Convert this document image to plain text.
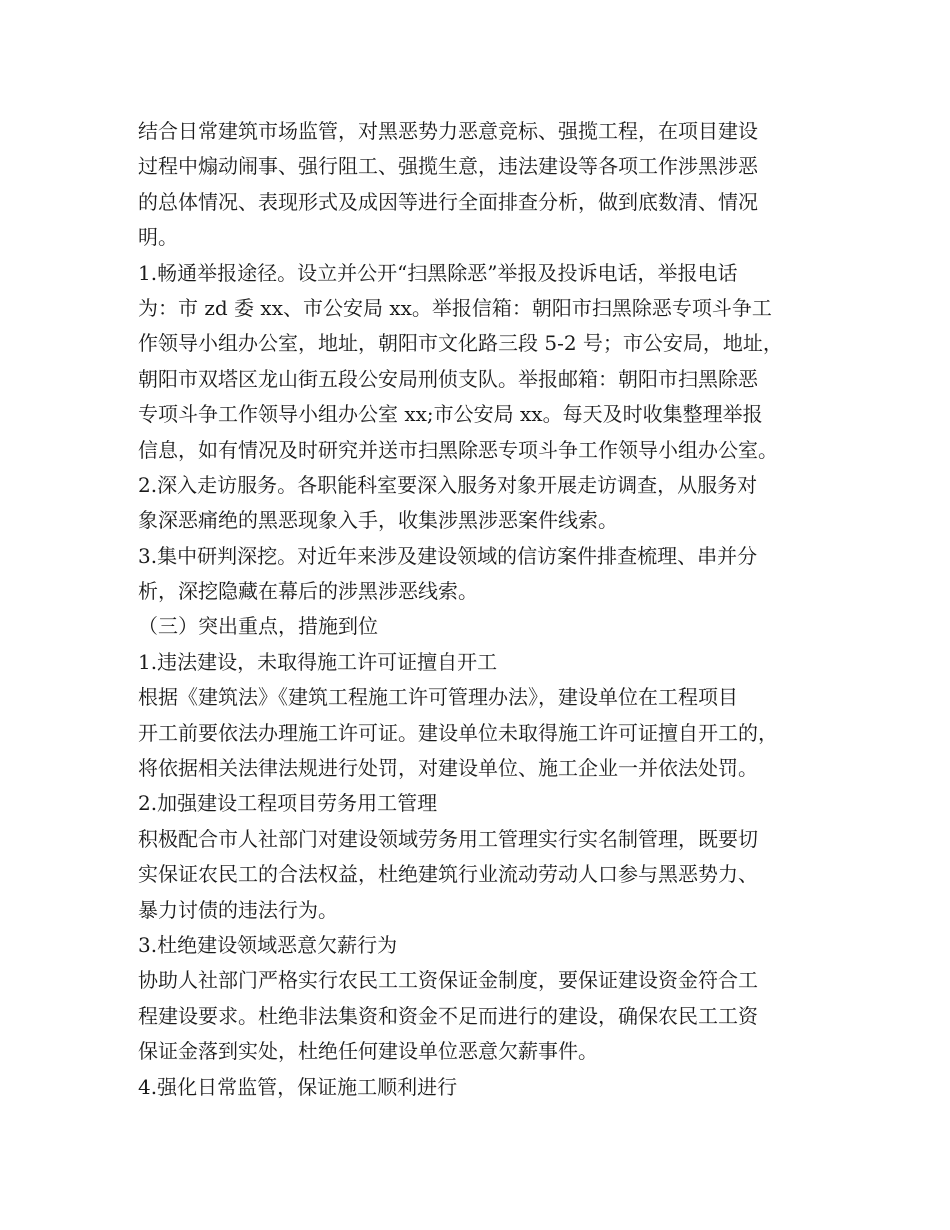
结合日常建筑市场监管，对黑恶势力恶意竞标、强揽工程，在项目建设
过程中煽动闹事、强行阻工、强揽生意，违法建设等各项工作涉黑涉恶
的总体情况、表现形式及成因等进行全面排查分析，做到底数清、情况
明。
1.畅通举报途径。设立并公开“扫黑除恶”举报及投诉电话，举报电话
为：市 zd 委 xx、市公安局 xx。举报信箱：朝阳市扫黑除恶专项斗争工
作领导小组办公室，地址，朝阳市文化路三段 5-2 号；市公安局，地址，
朝阳市双塔区龙山街五段公安局刑侦支队。举报邮箱：朝阳市扫黑除恶
专项斗争工作领导小组办公室 xx;市公安局 xx。每天及时收集整理举报
信息，如有情况及时研究并送市扫黑除恶专项斗争工作领导小组办公室。
2.深入走访服务。各职能科室要深入服务对象开展走访调查，从服务对
象深恶痛绝的黑恶现象入手，收集涉黑涉恶案件线索。
3.集中研判深挖。对近年来涉及建设领域的信访案件排查梳理、串并分
析，深挖隐藏在幕后的涉黑涉恶线索。
（三）突出重点，措施到位
1.违法建设，未取得施工许可证擅自开工
根据《建筑法》《建筑工程施工许可管理办法》，建设单位在工程项目
开工前要依法办理施工许可证。建设单位未取得施工许可证擅自开工的，
将依据相关法律法规进行处罚，对建设单位、施工企业一并依法处罚。
2.加强建设工程项目劳务用工管理
积极配合市人社部门对建设领域劳务用工管理实行实名制管理，既要切
实保证农民工的合法权益，杜绝建筑行业流动劳动人口参与黑恶势力、
暴力讨债的违法行为。
3.杜绝建设领域恶意欠薪行为
协助人社部门严格实行农民工工资保证金制度，要保证建设资金符合工
程建设要求。杜绝非法集资和资金不足而进行的建设，确保农民工工资
保证金落到实处，杜绝任何建设单位恶意欠薪事件。
4.强化日常监管，保证施工顺利进行
